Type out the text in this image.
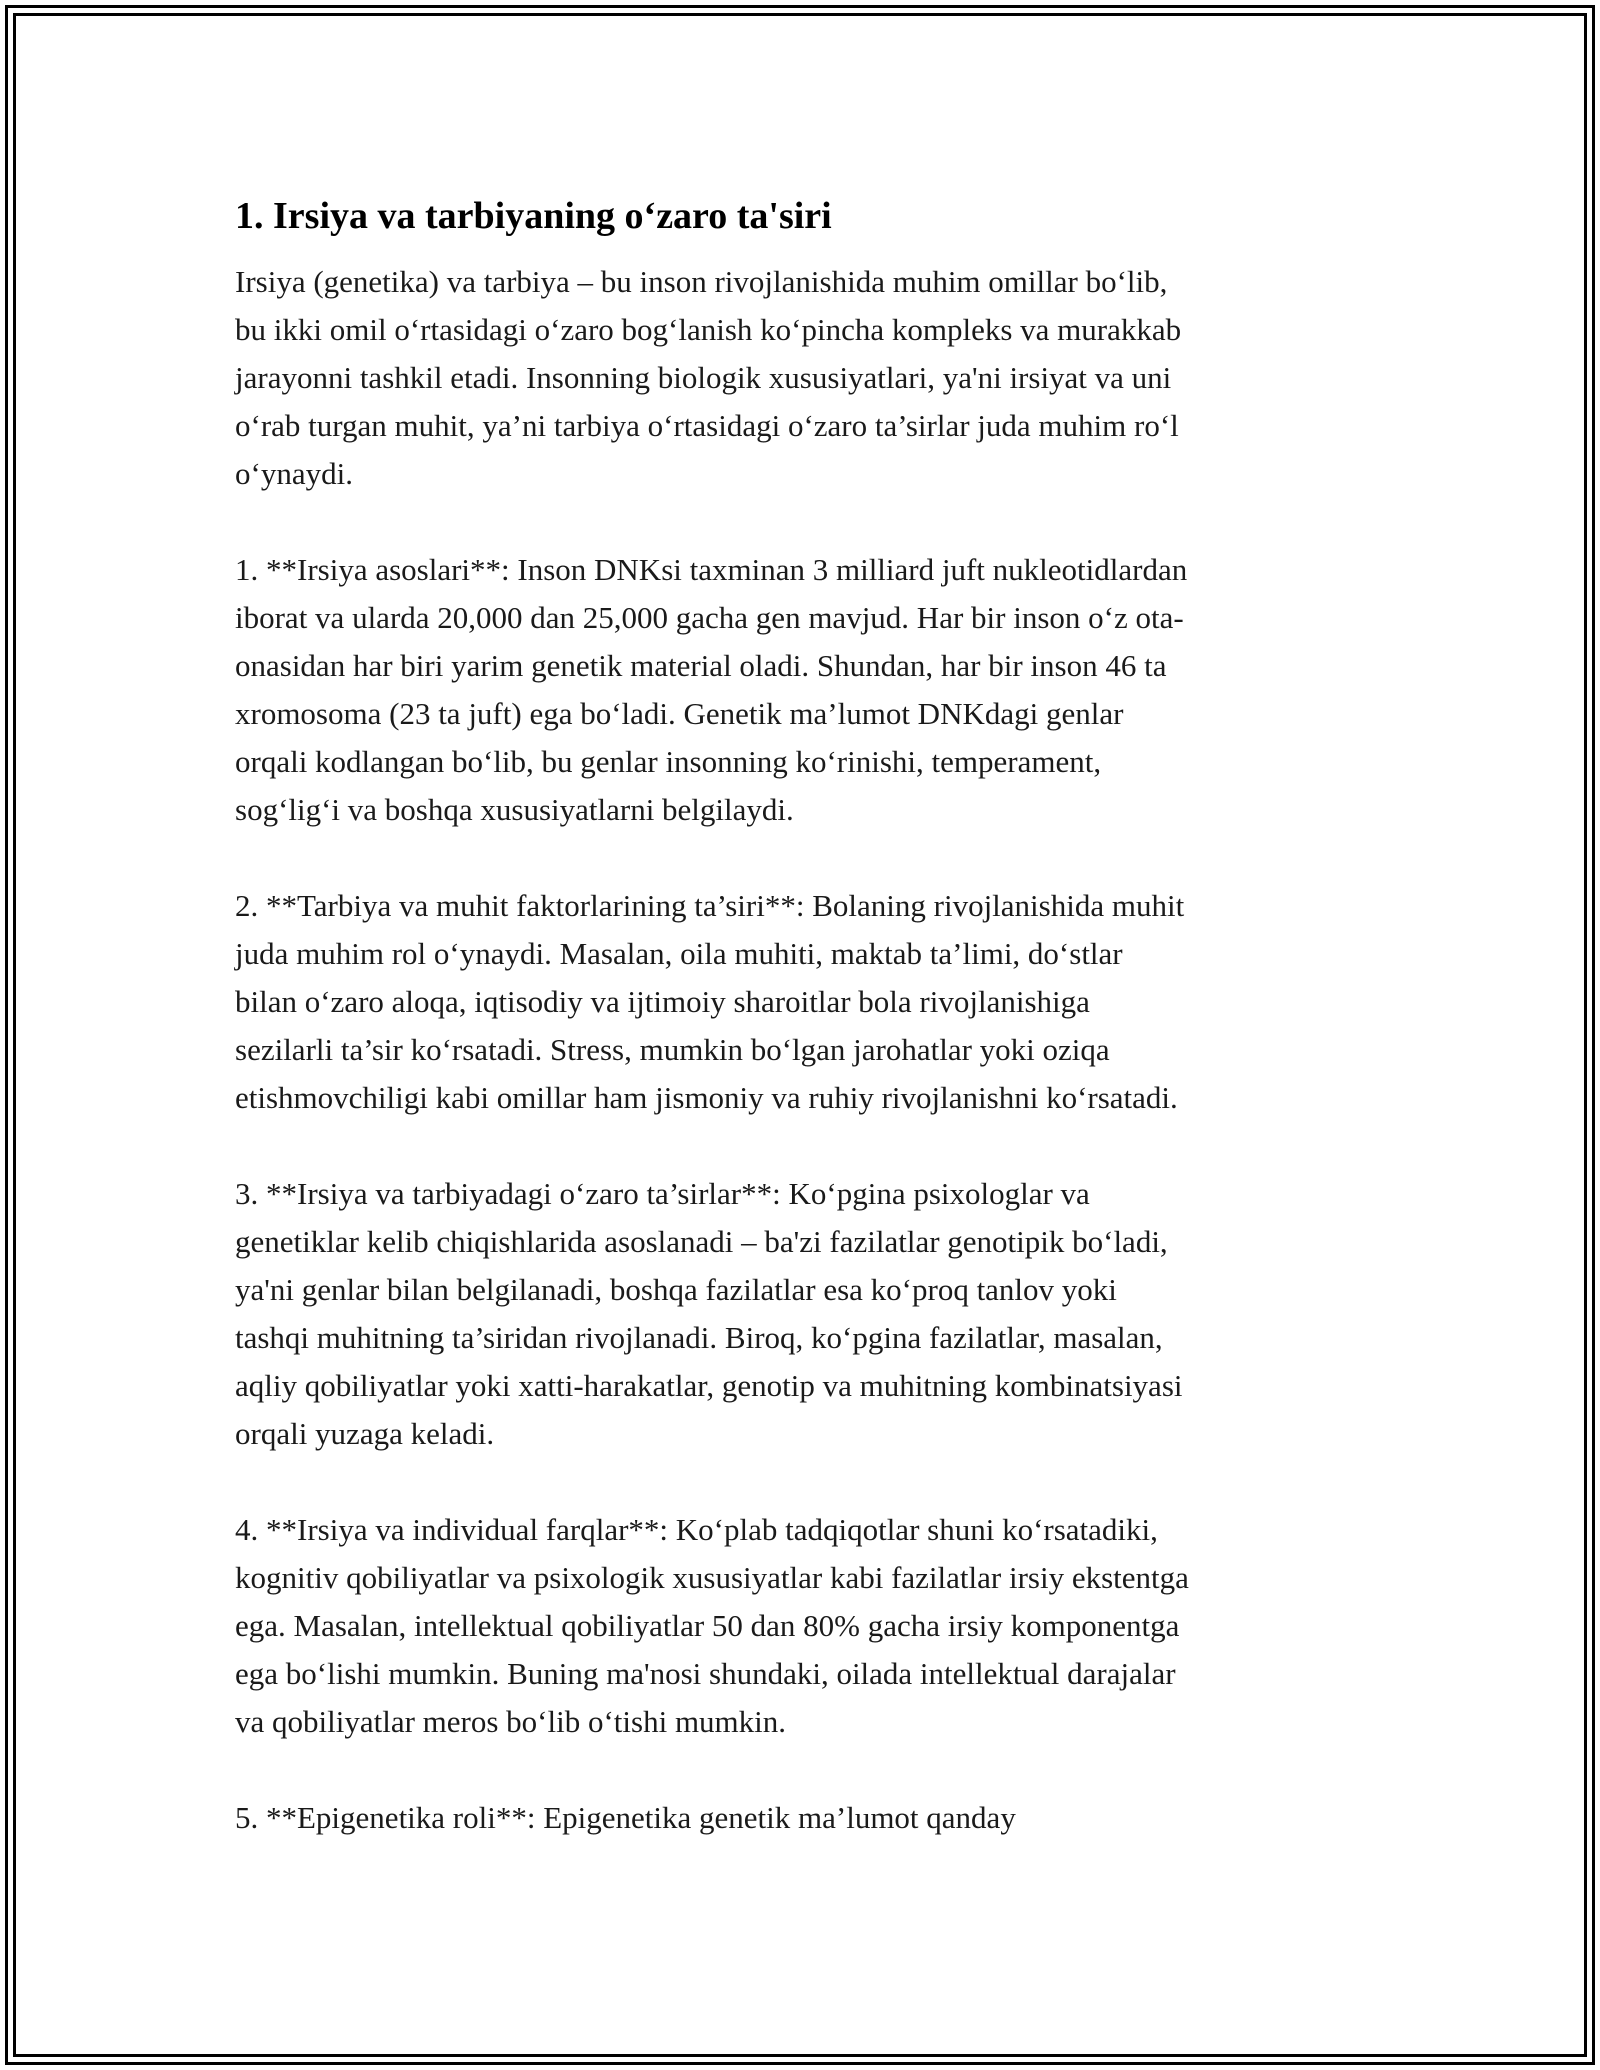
1. Irsiya va tarbiyaning o‘zaro ta'siri

Irsiya (genetika) va tarbiya – bu inson rivojlanishida muhim omillar bo‘lib,
bu ikki omil o‘rtasidagi o‘zaro bog‘lanish ko‘pincha kompleks va murakkab
jarayonni tashkil etadi. Insonning biologik xususiyatlari, ya'ni irsiyat va uni
o‘rab turgan muhit, ya’ni tarbiya o‘rtasidagi o‘zaro ta’sirlar juda muhim ro‘l
o‘ynaydi.

1. **Irsiya asoslari**: Inson DNKsi taxminan 3 milliard juft nukleotidlardan
iborat va ularda 20,000 dan 25,000 gacha gen mavjud. Har bir inson o‘z ota-
onasidan har biri yarim genetik material oladi. Shundan, har bir inson 46 ta
xromosoma (23 ta juft) ega bo‘ladi. Genetik ma’lumot DNKdagi genlar
orqali kodlangan bo‘lib, bu genlar insonning ko‘rinishi, temperament,
sog‘lig‘i va boshqa xususiyatlarni belgilaydi.

2. **Tarbiya va muhit faktorlarining ta’siri**: Bolaning rivojlanishida muhit
juda muhim rol o‘ynaydi. Masalan, oila muhiti, maktab ta’limi, do‘stlar
bilan o‘zaro aloqa, iqtisodiy va ijtimoiy sharoitlar bola rivojlanishiga
sezilarli ta’sir ko‘rsatadi. Stress, mumkin bo‘lgan jarohatlar yoki oziqa
etishmovchiligi kabi omillar ham jismoniy va ruhiy rivojlanishni ko‘rsatadi.

3. **Irsiya va tarbiyadagi o‘zaro ta’sirlar**: Ko‘pgina psixologlar va
genetiklar kelib chiqishlarida asoslanadi – ba'zi fazilatlar genotipik bo‘ladi,
ya'ni genlar bilan belgilanadi, boshqa fazilatlar esa ko‘proq tanlov yoki
tashqi muhitning ta’siridan rivojlanadi. Biroq, ko‘pgina fazilatlar, masalan,
aqliy qobiliyatlar yoki xatti-harakatlar, genotip va muhitning kombinatsiyasi
orqali yuzaga keladi.

4. **Irsiya va individual farqlar**: Ko‘plab tadqiqotlar shuni ko‘rsatadiki,
kognitiv qobiliyatlar va psixologik xususiyatlar kabi fazilatlar irsiy ekstentga
ega. Masalan, intellektual qobiliyatlar 50 dan 80% gacha irsiy komponentga
ega bo‘lishi mumkin. Buning ma'nosi shundaki, oilada intellektual darajalar
va qobiliyatlar meros bo‘lib o‘tishi mumkin.

5. **Epigenetika roli**: Epigenetika genetik ma’lumot qanday
